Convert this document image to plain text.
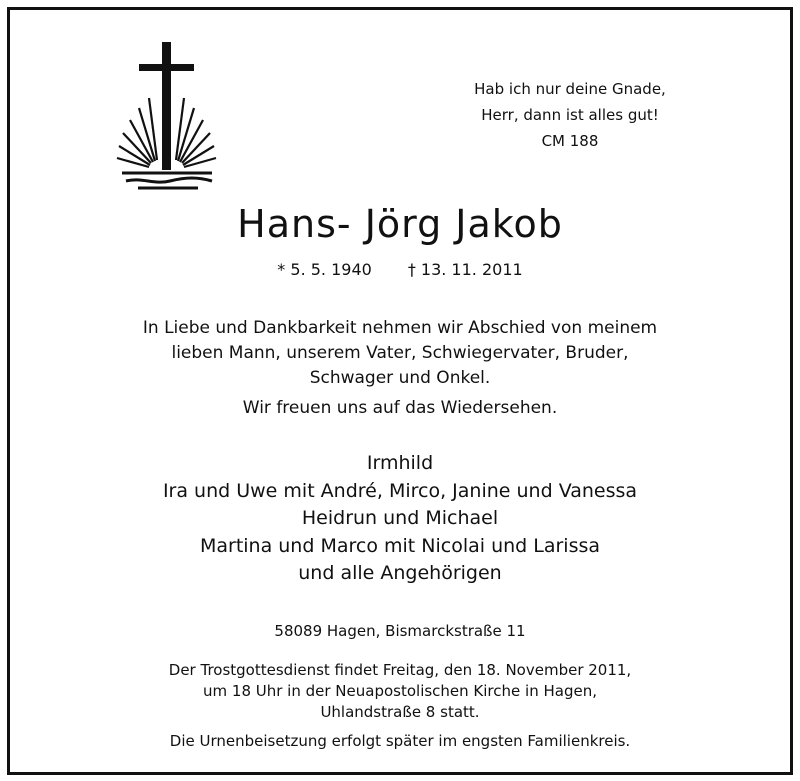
Hab ich nur deine Gnade,
Herr, dann ist alles gut!
CM 188
Hans- Jörg Jakob
* 5. 5. 1940 † 13. 11. 2011
In Liebe und Dankbarkeit nehmen wir Abschied von meinem
lieben Mann, unserem Vater, Schwiegervater, Bruder,
Schwager und Onkel.
Wir freuen uns auf das Wiedersehen.
Irmhild
Ira und Uwe mit André, Mirco, Janine und Vanessa
Heidrun und Michael
Martina und Marco mit Nicolai und Larissa
und alle Angehörigen
58089 Hagen, Bismarckstraße 11
Der Trostgottesdienst findet Freitag, den 18. November 2011,
um 18 Uhr in der Neuapostolischen Kirche in Hagen,
Uhlandstraße 8 statt.
Die Urnenbeisetzung erfolgt später im engsten Familienkreis.
